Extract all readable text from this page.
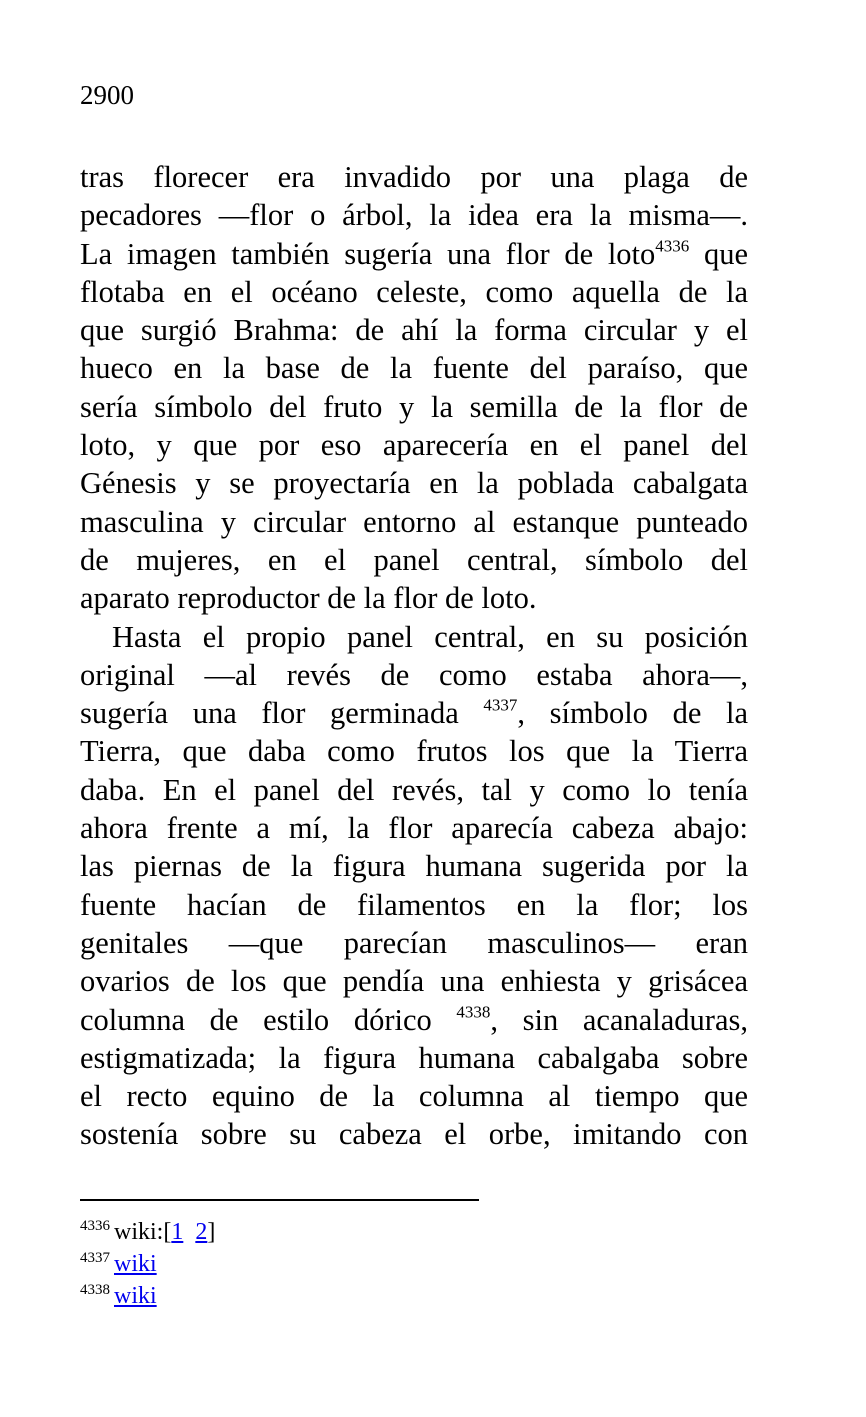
2900
tras florecer era invadido por una plaga de
pecadores —flor o árbol, la idea era la misma—.
La imagen también sugería una flor de loto$^{4336}$ que
flotaba en el océano celeste, como aquella de la
que surgió Brahma: de ahí la forma circular y el
hueco en la base de la fuente del paraíso, que
sería símbolo del fruto y la semilla de la flor de
loto, y que por eso aparecería en el panel del
Génesis y se proyectaría en la poblada cabalgata
masculina y circular entorno al estanque punteado
de mujeres, en el panel central, símbolo del
aparato reproductor de la flor de loto.
Hasta el propio panel central, en su posición
original —al revés de como estaba ahora—,
sugería una flor germinada $^{4337}$, símbolo de la
Tierra, que daba como frutos los que la Tierra
daba. En el panel del revés, tal y como lo tenía
ahora frente a mí, la flor aparecía cabeza abajo:
las piernas de la figura humana sugerida por la
fuente hacían de filamentos en la flor; los
genitales —que parecían masculinos— eran
ovarios de los que pendía una enhiesta y grisácea
columna de estilo dórico $^{4338}$, sin acanaladuras,
estigmatizada; la figura humana cabalgaba sobre
el recto equino de la columna al tiempo que
sostenía sobre su cabeza el orbe, imitando con
$^{4336}$ wiki:[1 2]
$^{4337}$ wiki
$^{4338}$ wiki
